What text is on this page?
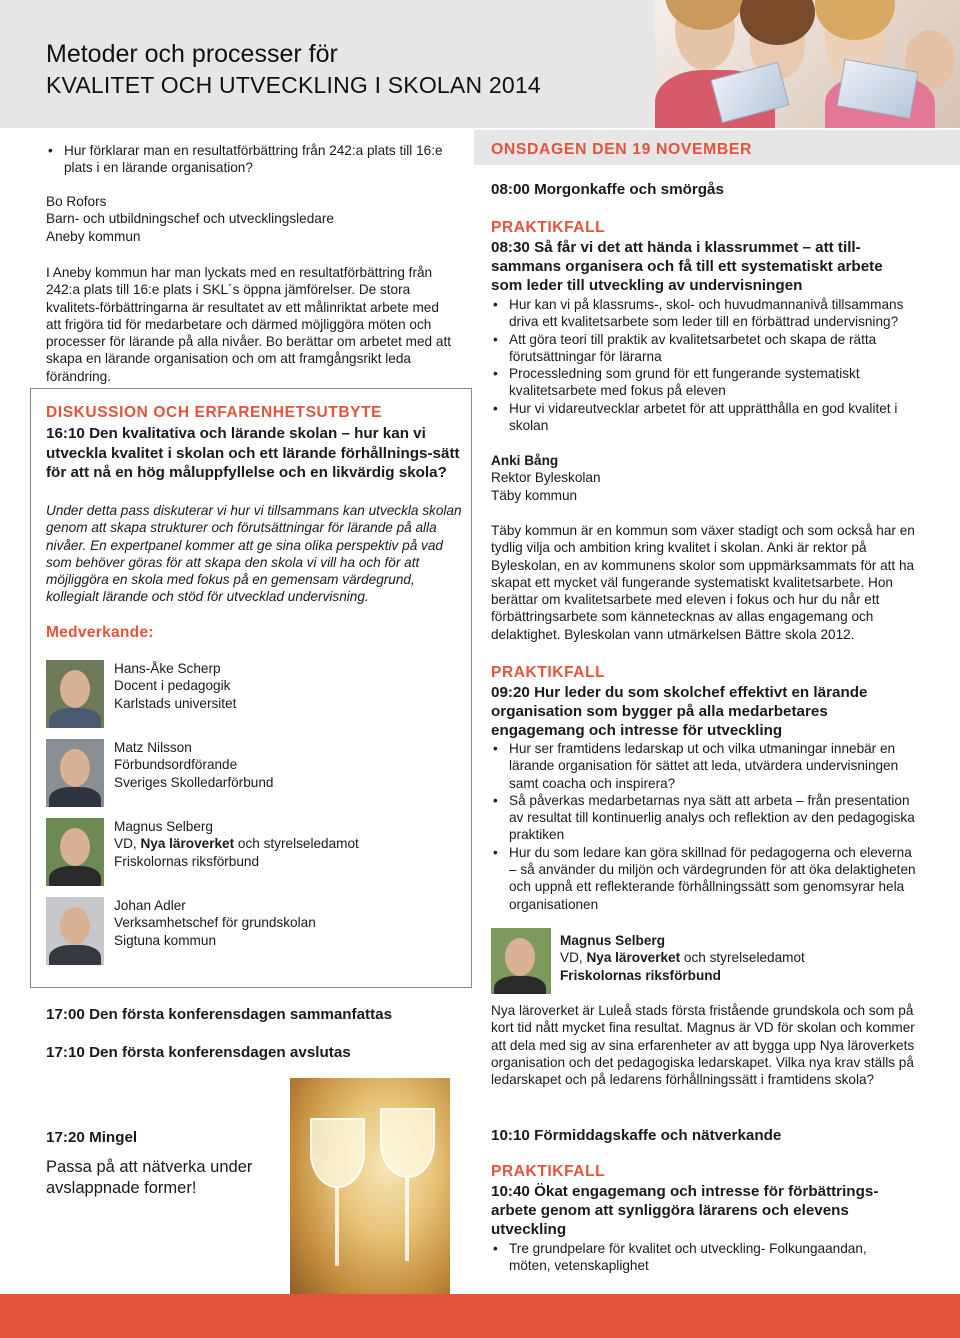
Metoder och processer för
KVALITET OCH UTVECKLING I SKOLAN 2014
• Hur förklarar man en resultatförbättring från 242:a plats till 16:e plats i en lärande organisation?
Bo Rofors
Barn- och utbildningschef och utvecklingsledare
Aneby kommun
I Aneby kommun har man lyckats med en resultatförbättring från 242:a plats till 16:e plats i SKL´s öppna jämförelser. De stora kvalitets-förbättringarna är resultatet av ett målinriktat arbete med att frigöra tid för medarbetare och därmed möjliggöra möten och processer för lärande på alla nivåer. Bo berättar om arbetet med att skapa en lärande organisation och om att framgångsrikt leda förändring.
DISKUSSION OCH ERFARENHETSUTBYTE
16:10 Den kvalitativa och lärande skolan – hur kan vi utveckla kvalitet i skolan och ett lärande förhållnings-sätt för att nå en hög måluppfyllelse och en likvärdig skola?
Under detta pass diskuterar vi hur vi tillsammans kan utveckla skolan genom att skapa strukturer och förutsättningar för lärande på alla nivåer. En expertpanel kommer att ge sina olika perspektiv på vad som behöver göras för att skapa den skola vi vill ha och för att möjliggöra en skola med fokus på en gemensam värdegrund, kollegialt lärande och stöd för utvecklad undervisning.
Medverkande:
Hans-Åke Scherp
Docent i pedagogik
Karlstads universitet
Matz Nilsson
Förbundsordförande
Sveriges Skolledarförbund
Magnus Selberg
VD, Nya läroverket och styrelseledamot
Friskolornas riksförbund
Johan Adler
Verksamhetschef för grundskolan
Sigtuna kommun
17:00 Den första konferensdagen sammanfattas
17:10 Den första konferensdagen avslutas
17:20 Mingel
Passa på att nätverka under
avslappnade former!
ONSDAGEN DEN 19 NOVEMBER
08:00 Morgonkaffe och smörgås
PRAKTIKFALL
08:30 Så får vi det att hända i klassrummet – att till-sammans organisera och få till ett systematiskt arbete som leder till utveckling av undervisningen
• Hur kan vi på klassrums-, skol- och huvudmannanivå tillsammans driva ett kvalitetsarbete som leder till en förbättrad undervisning?
• Att göra teori till praktik av kvalitetsarbetet och skapa de rätta förutsättningar för lärarna
• Processledning som grund för ett fungerande systematiskt kvalitetsarbete med fokus på eleven
• Hur vi vidareutvecklar arbetet för att upprätthålla en god kvalitet i skolan
Anki Bång
Rektor Byleskolan
Täby kommun
Täby kommun är en kommun som växer stadigt och som också har en tydlig vilja och ambition kring kvalitet i skolan. Anki är rektor på Byleskolan, en av kommunens skolor som uppmärksammats för att ha skapat ett mycket väl fungerande systematiskt kvalitetsarbete. Hon berättar om kvalitetsarbete med eleven i fokus och hur du når ett förbättringsarbete som kännetecknas av allas engagemang och delaktighet. Byleskolan vann utmärkelsen Bättre skola 2012.
PRAKTIKFALL
09:20 Hur leder du som skolchef effektivt en lärande organisation som bygger på alla medarbetares engagemang och intresse för utveckling
• Hur ser framtidens ledarskap ut och vilka utmaningar innebär en lärande organisation för sättet att leda, utvärdera undervisningen samt coacha och inspirera?
• Så påverkas medarbetarnas nya sätt att arbeta – från presentation av resultat till kontinuerlig analys och reflektion av den pedagogiska praktiken
• Hur du som ledare kan göra skillnad för pedagogerna och eleverna – så använder du miljön och värdegrunden för att öka delaktigheten och uppnå ett reflekterande förhållningssätt som genomsyrar hela organisationen
Magnus Selberg
VD, Nya läroverket och styrelseledamot
Friskolornas riksförbund
Nya läroverket är Luleå stads första fristående grundskola och som på kort tid nått mycket fina resultat. Magnus är VD för skolan och kommer att dela med sig av sina erfarenheter av att bygga upp Nya läroverkets organisation och det pedagogiska ledarskapet. Vilka nya krav ställs på ledarskapet och på ledarens förhållningssätt i framtidens skola?
10:10 Förmiddagskaffe och nätverkande
PRAKTIKFALL
10:40 Ökat engagemang och intresse för förbättrings-arbete genom att synliggöra lärarens och elevens utveckling
• Tre grundpelare för kvalitet och utveckling- Folkungaandan, möten, vetenskaplighet
